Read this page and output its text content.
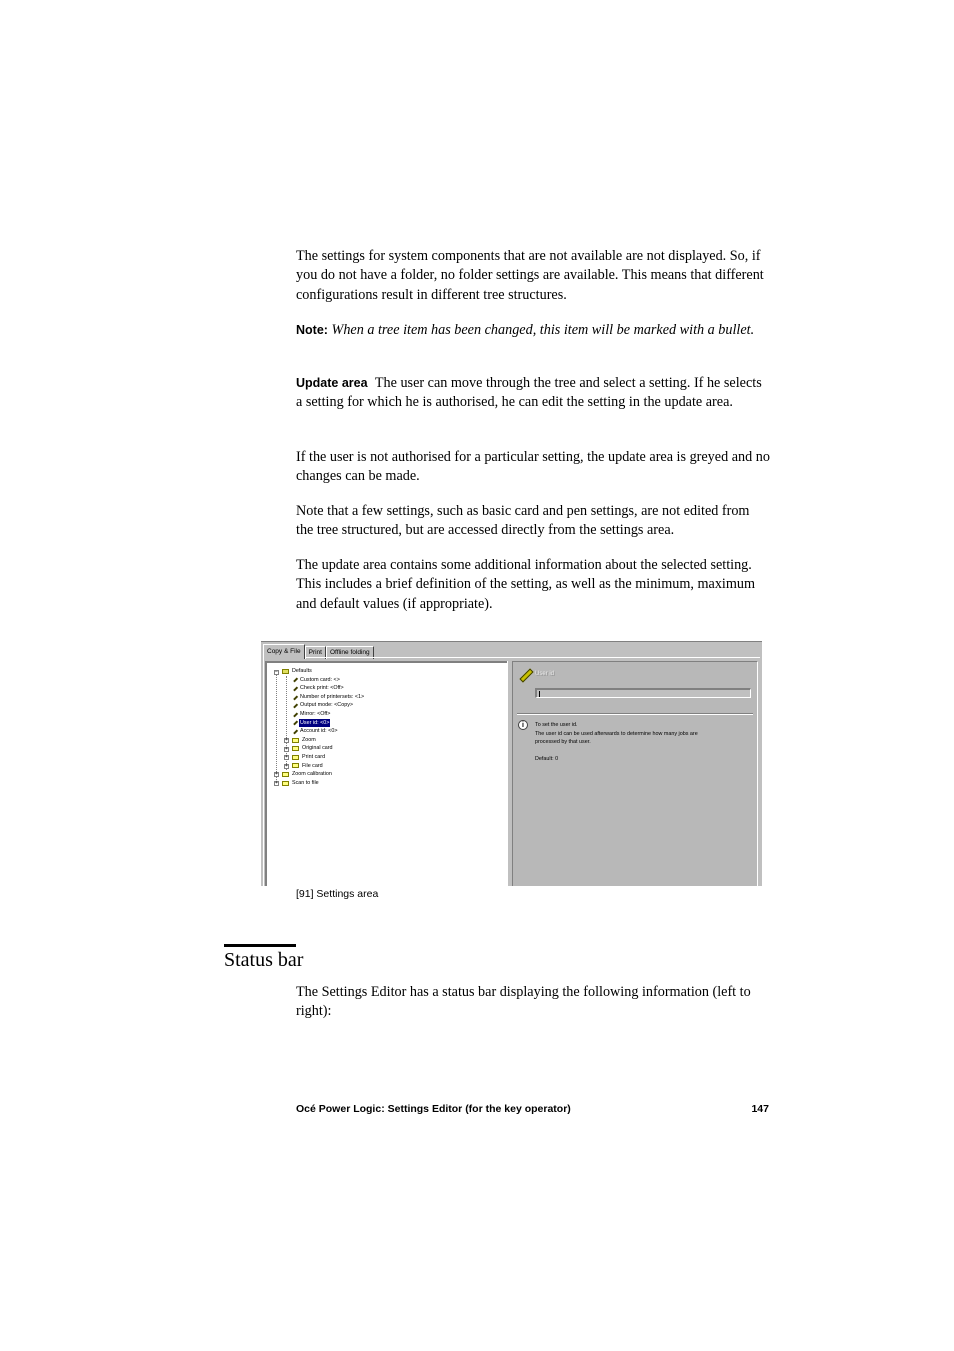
The settings for system components that are not available are not displayed. So, if you do not have a folder, no folder settings are available. This means that different configurations result in different tree structures.

Note: When a tree item has been changed, this item will be marked with a bullet.

Update area The user can move through the tree and select a setting. If he selects a setting for which he is authorised, he can edit the setting in the update area.

If the user is not authorised for a particular setting, the update area is greyed and no changes can be made.

Note that a few settings, such as basic card and pen settings, are not edited from the tree structured, but are accessed directly from the settings area.

The update area contains some additional information about the selected setting. This includes a brief definition of the setting, as well as the minimum, maximum and default values (if appropriate).

Copy & File	Print	Offline folding
−	Defaults
Custom card: <>
Check print: <Off>
Number of printersets: <1>
Output mode: <Copy>
Mirror: <Off>
User id: <0>
Account id: <0>
+	Zoom
+	Original card
+	Print card
+	File card
+	Zoom calibration
+	Scan to file
User id
i	To set the user id.
The user id can be used afterwards to determine how many jobs are
processed by that user.
Default: 0
[91] Settings area
Status bar

The Settings Editor has a status bar displaying the following information (left to right):

Océ Power Logic: Settings Editor (for the key operator)	147
